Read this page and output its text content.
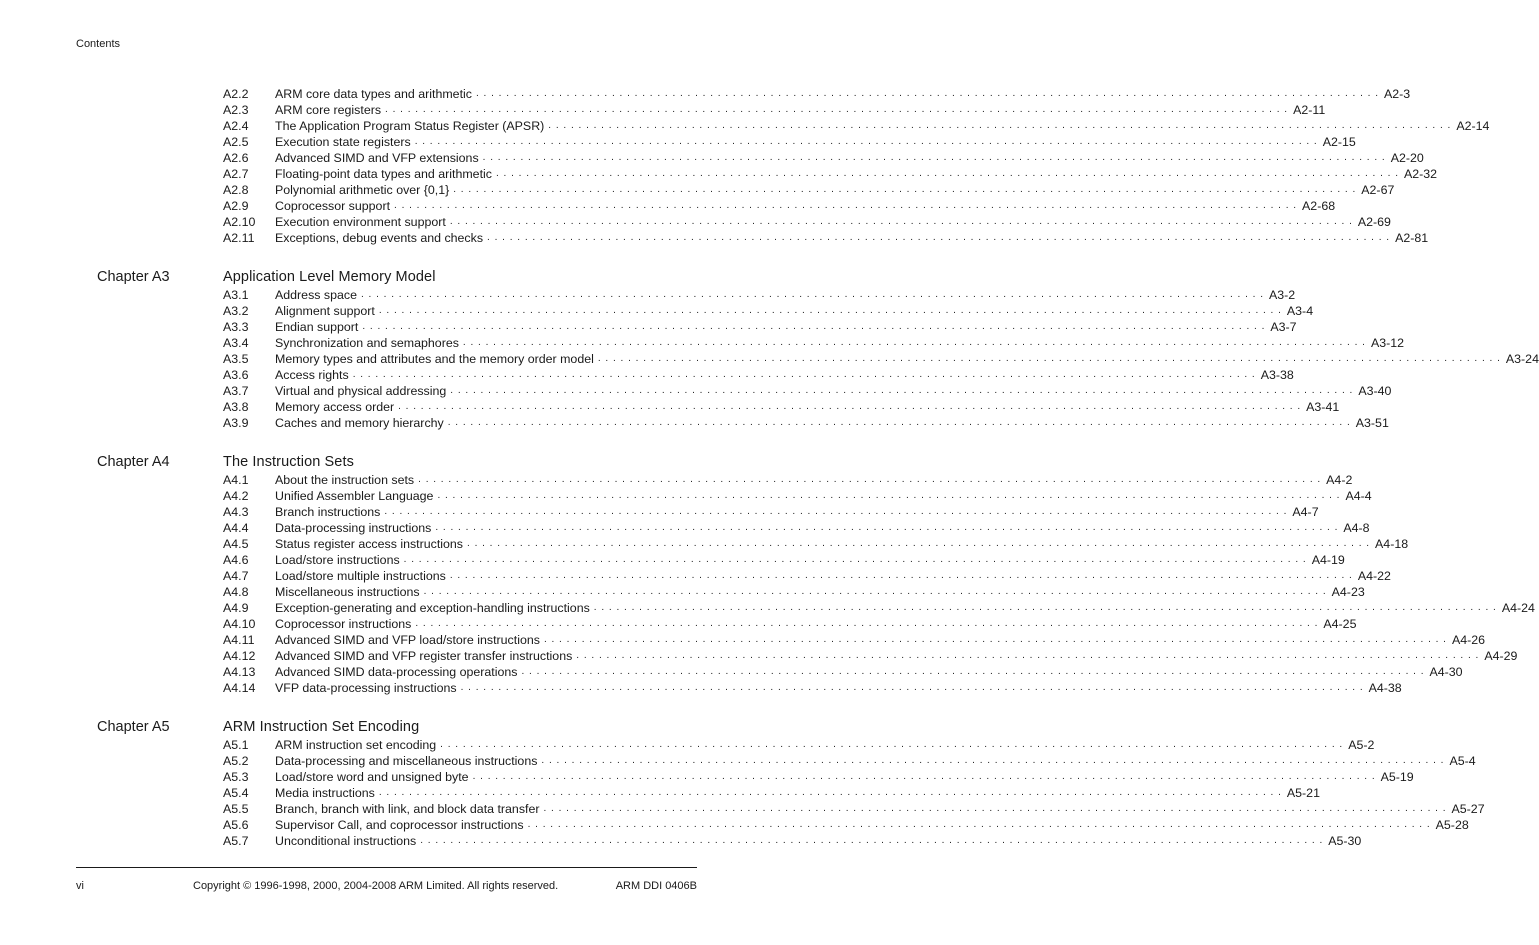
Contents
A2.2 ARM core data types and arithmetic . . . . . . . . . . . . . . . . . . . . . . . . . . . . . . . . . . . . . . . . . . . . . . . . . . . . . . . . . . . . . . . . . . . . . . . . . . . . . . . . . . . . . . . . . . . . . . . . . . . . . . . . . . . . . . . . . . . . . . . . A2-3
A2.3 ARM core registers . . . . . . . . . . . . . . . . . . . . . . . . . . . . . . . . . . . . . . . . . . . . . . . . . . . . . . . . . . . . . . . . . . . . . . . . . . . . . . . . . . . . . . . . . . . . . . . . . . . . . . . . . . . . . . . . . . . . . . . . A2-11
A2.4 The Application Program Status Register (APSR) . . . . . . . . . . . . . . . . . . . . . . . . . . . . . . . . . . . . . . . . . . . . . . . . . . . . . . . . . . . . . . . . . . . . . . . . . . . . . . . . . . . . . . . . . . . . . . . . . . . . . . . . . . . . . . . . . . . . . . . . A2-14
A2.5 Execution state registers . . . . . . . . . . . . . . . . . . . . . . . . . . . . . . . . . . . . . . . . . . . . . . . . . . . . . . . . . . . . . . . . . . . . . . . . . . . . . . . . . . . . . . . . . . . . . . . . . . . . . . . . . . . . . . . . . . . . . . . . A2-15
A2.6 Advanced SIMD and VFP extensions . . . . . . . . . . . . . . . . . . . . . . . . . . . . . . . . . . . . . . . . . . . . . . . . . . . . . . . . . . . . . . . . . . . . . . . . . . . . . . . . . . . . . . . . . . . . . . . . . . . . . . . . . . . . . . . . . . . . . . . . A2-20
A2.7 Floating-point data types and arithmetic . . . . . . . . . . . . . . . . . . . . . . . . . . . . . . . . . . . . . . . . . . . . . . . . . . . . . . . . . . . . . . . . . . . . . . . . . . . . . . . . . . . . . . . . . . . . . . . . . . . . . . . . . . . . . . . . . . . . . . . . A2-32
A2.8 Polynomial arithmetic over {0,1} . . . . . . . . . . . . . . . . . . . . . . . . . . . . . . . . . . . . . . . . . . . . . . . . . . . . . . . . . . . . . . . . . . . . . . . . . . . . . . . . . . . . . . . . . . . . . . . . . . . . . . . . . . . . . . . . . . . . . . . . A2-67
A2.9 Coprocessor support . . . . . . . . . . . . . . . . . . . . . . . . . . . . . . . . . . . . . . . . . . . . . . . . . . . . . . . . . . . . . . . . . . . . . . . . . . . . . . . . . . . . . . . . . . . . . . . . . . . . . . . . . . . . . . . . . . . . . . . . A2-68
A2.10 Execution environment support . . . . . . . . . . . . . . . . . . . . . . . . . . . . . . . . . . . . . . . . . . . . . . . . . . . . . . . . . . . . . . . . . . . . . . . . . . . . . . . . . . . . . . . . . . . . . . . . . . . . . . . . . . . . . . . . . . . . . . . . A2-69
A2.11 Exceptions, debug events and checks . . . . . . . . . . . . . . . . . . . . . . . . . . . . . . . . . . . . . . . . . . . . . . . . . . . . . . . . . . . . . . . . . . . . . . . . . . . . . . . . . . . . . . . . . . . . . . . . . . . . . . . . . . . . . . . . . . . . . . . . A2-81
Chapter A3	Application Level Memory Model
A3.1 Address space . . . . . . . . . . . . . . . . . . . . . . . . . . . . . . . . . . . . . . . . . . . . . . . . . . . . . . . . . . . . . . . . . . . . . . . . . . . . . . . . . . . . . . . . . . . . . . . . . . . . . . . . . . . . . . . . . . . . . . . . A3-2
A3.2 Alignment support . . . . . . . . . . . . . . . . . . . . . . . . . . . . . . . . . . . . . . . . . . . . . . . . . . . . . . . . . . . . . . . . . . . . . . . . . . . . . . . . . . . . . . . . . . . . . . . . . . . . . . . . . . . . . . . . . . . . . . . . A3-4
A3.3 Endian support . . . . . . . . . . . . . . . . . . . . . . . . . . . . . . . . . . . . . . . . . . . . . . . . . . . . . . . . . . . . . . . . . . . . . . . . . . . . . . . . . . . . . . . . . . . . . . . . . . . . . . . . . . . . . . . . . . . . . . . . A3-7
A3.4 Synchronization and semaphores . . . . . . . . . . . . . . . . . . . . . . . . . . . . . . . . . . . . . . . . . . . . . . . . . . . . . . . . . . . . . . . . . . . . . . . . . . . . . . . . . . . . . . . . . . . . . . . . . . . . . . . . . . . . . . . . . . . . . . . . A3-12
A3.5 Memory types and attributes and the memory order model . . . . . . . . . . . . . . . . . . . . . . . . . . . . . . . . . . . . . . . . . . . . . . . . . . . . . . . . . . . . . . . . . . . . . . . . . . . . . . . . . . . . . . . . . . . . . . . . . . . . . . . . . . . . . . . . . . . . . . . . A3-24
A3.6 Access rights . . . . . . . . . . . . . . . . . . . . . . . . . . . . . . . . . . . . . . . . . . . . . . . . . . . . . . . . . . . . . . . . . . . . . . . . . . . . . . . . . . . . . . . . . . . . . . . . . . . . . . . . . . . . . . . . . . . . . . . . A3-38
A3.7 Virtual and physical addressing . . . . . . . . . . . . . . . . . . . . . . . . . . . . . . . . . . . . . . . . . . . . . . . . . . . . . . . . . . . . . . . . . . . . . . . . . . . . . . . . . . . . . . . . . . . . . . . . . . . . . . . . . . . . . . . . . . . . . . . . A3-40
A3.8 Memory access order . . . . . . . . . . . . . . . . . . . . . . . . . . . . . . . . . . . . . . . . . . . . . . . . . . . . . . . . . . . . . . . . . . . . . . . . . . . . . . . . . . . . . . . . . . . . . . . . . . . . . . . . . . . . . . . . . . . . . . . . A3-41
A3.9 Caches and memory hierarchy . . . . . . . . . . . . . . . . . . . . . . . . . . . . . . . . . . . . . . . . . . . . . . . . . . . . . . . . . . . . . . . . . . . . . . . . . . . . . . . . . . . . . . . . . . . . . . . . . . . . . . . . . . . . . . . . . . . . . . . . A3-51
Chapter A4	The Instruction Sets
A4.1 About the instruction sets . . . . . . . . . . . . . . . . . . . . . . . . . . . . . . . . . . . . . . . . . . . . . . . . . . . . . . . . . . . . . . . . . . . . . . . . . . . . . . . . . . . . . . . . . . . . . . . . . . . . . . . . . . . . . . . . . . . . . . . . A4-2
A4.2 Unified Assembler Language . . . . . . . . . . . . . . . . . . . . . . . . . . . . . . . . . . . . . . . . . . . . . . . . . . . . . . . . . . . . . . . . . . . . . . . . . . . . . . . . . . . . . . . . . . . . . . . . . . . . . . . . . . . . . . . . . . . . . . . . A4-4
A4.3 Branch instructions . . . . . . . . . . . . . . . . . . . . . . . . . . . . . . . . . . . . . . . . . . . . . . . . . . . . . . . . . . . . . . . . . . . . . . . . . . . . . . . . . . . . . . . . . . . . . . . . . . . . . . . . . . . . . . . . . . . . . . . . A4-7
A4.4 Data-processing instructions . . . . . . . . . . . . . . . . . . . . . . . . . . . . . . . . . . . . . . . . . . . . . . . . . . . . . . . . . . . . . . . . . . . . . . . . . . . . . . . . . . . . . . . . . . . . . . . . . . . . . . . . . . . . . . . . . . . . . . . . A4-8
A4.5 Status register access instructions . . . . . . . . . . . . . . . . . . . . . . . . . . . . . . . . . . . . . . . . . . . . . . . . . . . . . . . . . . . . . . . . . . . . . . . . . . . . . . . . . . . . . . . . . . . . . . . . . . . . . . . . . . . . . . . . . . . . . . . . A4-18
A4.6 Load/store instructions . . . . . . . . . . . . . . . . . . . . . . . . . . . . . . . . . . . . . . . . . . . . . . . . . . . . . . . . . . . . . . . . . . . . . . . . . . . . . . . . . . . . . . . . . . . . . . . . . . . . . . . . . . . . . . . . . . . . . . . . A4-19
A4.7 Load/store multiple instructions . . . . . . . . . . . . . . . . . . . . . . . . . . . . . . . . . . . . . . . . . . . . . . . . . . . . . . . . . . . . . . . . . . . . . . . . . . . . . . . . . . . . . . . . . . . . . . . . . . . . . . . . . . . . . . . . . . . . . . . . A4-22
A4.8 Miscellaneous instructions . . . . . . . . . . . . . . . . . . . . . . . . . . . . . . . . . . . . . . . . . . . . . . . . . . . . . . . . . . . . . . . . . . . . . . . . . . . . . . . . . . . . . . . . . . . . . . . . . . . . . . . . . . . . . . . . . . . . . . . . A4-23
A4.9 Exception-generating and exception-handling instructions . . . . . . . . . . . . . . . . . . . . . . . . . . . . . . . . . . . . . . . . . . . . . . . . . . . . . . . . . . . . . . . . . . . . . . . . . . . . . . . . . . . . . . . . . . . . . . . . . . . . . . . . . . . . . . . . . . . . . . . . A4-24
A4.10 Coprocessor instructions . . . . . . . . . . . . . . . . . . . . . . . . . . . . . . . . . . . . . . . . . . . . . . . . . . . . . . . . . . . . . . . . . . . . . . . . . . . . . . . . . . . . . . . . . . . . . . . . . . . . . . . . . . . . . . . . . . . . . . . . A4-25
A4.11 Advanced SIMD and VFP load/store instructions . . . . . . . . . . . . . . . . . . . . . . . . . . . . . . . . . . . . . . . . . . . . . . . . . . . . . . . . . . . . . . . . . . . . . . . . . . . . . . . . . . . . . . . . . . . . . . . . . . . . . . . . . . . . . . . . . . . . . . . . A4-26
A4.12 Advanced SIMD and VFP register transfer instructions . . . . . . . . . . . . . . . . . . . . . . . . . . . . . . . . . . . . . . . . . . . . . . . . . . . . . . . . . . . . . . . . . . . . . . . . . . . . . . . . . . . . . . . . . . . . . . . . . . . . . . . . . . . . . . . . . . . . . . . . A4-29
A4.13 Advanced SIMD data-processing operations . . . . . . . . . . . . . . . . . . . . . . . . . . . . . . . . . . . . . . . . . . . . . . . . . . . . . . . . . . . . . . . . . . . . . . . . . . . . . . . . . . . . . . . . . . . . . . . . . . . . . . . . . . . . . . . . . . . . . . . . A4-30
A4.14 VFP data-processing instructions . . . . . . . . . . . . . . . . . . . . . . . . . . . . . . . . . . . . . . . . . . . . . . . . . . . . . . . . . . . . . . . . . . . . . . . . . . . . . . . . . . . . . . . . . . . . . . . . . . . . . . . . . . . . . . . . . . . . . . . . A4-38
Chapter A5	ARM Instruction Set Encoding
A5.1 ARM instruction set encoding . . . . . . . . . . . . . . . . . . . . . . . . . . . . . . . . . . . . . . . . . . . . . . . . . . . . . . . . . . . . . . . . . . . . . . . . . . . . . . . . . . . . . . . . . . . . . . . . . . . . . . . . . . . . . . . . . . . . . . . . A5-2
A5.2 Data-processing and miscellaneous instructions . . . . . . . . . . . . . . . . . . . . . . . . . . . . . . . . . . . . . . . . . . . . . . . . . . . . . . . . . . . . . . . . . . . . . . . . . . . . . . . . . . . . . . . . . . . . . . . . . . . . . . . . . . . . . . . . . . . . . . . . A5-4
A5.3 Load/store word and unsigned byte . . . . . . . . . . . . . . . . . . . . . . . . . . . . . . . . . . . . . . . . . . . . . . . . . . . . . . . . . . . . . . . . . . . . . . . . . . . . . . . . . . . . . . . . . . . . . . . . . . . . . . . . . . . . . . . . . . . . . . . . A5-19
A5.4 Media instructions . . . . . . . . . . . . . . . . . . . . . . . . . . . . . . . . . . . . . . . . . . . . . . . . . . . . . . . . . . . . . . . . . . . . . . . . . . . . . . . . . . . . . . . . . . . . . . . . . . . . . . . . . . . . . . . . . . . . . . . . A5-21
A5.5 Branch, branch with link, and block data transfer . . . . . . . . . . . . . . . . . . . . . . . . . . . . . . . . . . . . . . . . . . . . . . . . . . . . . . . . . . . . . . . . . . . . . . . . . . . . . . . . . . . . . . . . . . . . . . . . . . . . . . . . . . . . . . . . . . . . . . . . A5-27
A5.6 Supervisor Call, and coprocessor instructions . . . . . . . . . . . . . . . . . . . . . . . . . . . . . . . . . . . . . . . . . . . . . . . . . . . . . . . . . . . . . . . . . . . . . . . . . . . . . . . . . . . . . . . . . . . . . . . . . . . . . . . . . . . . . . . . . . . . . . . . A5-28
A5.7 Unconditional instructions . . . . . . . . . . . . . . . . . . . . . . . . . . . . . . . . . . . . . . . . . . . . . . . . . . . . . . . . . . . . . . . . . . . . . . . . . . . . . . . . . . . . . . . . . . . . . . . . . . . . . . . . . . . . . . . . . . . . . . . . A5-30
vi	Copyright © 1996-1998, 2000, 2004-2008 ARM Limited. All rights reserved.	ARM DDI 0406B
